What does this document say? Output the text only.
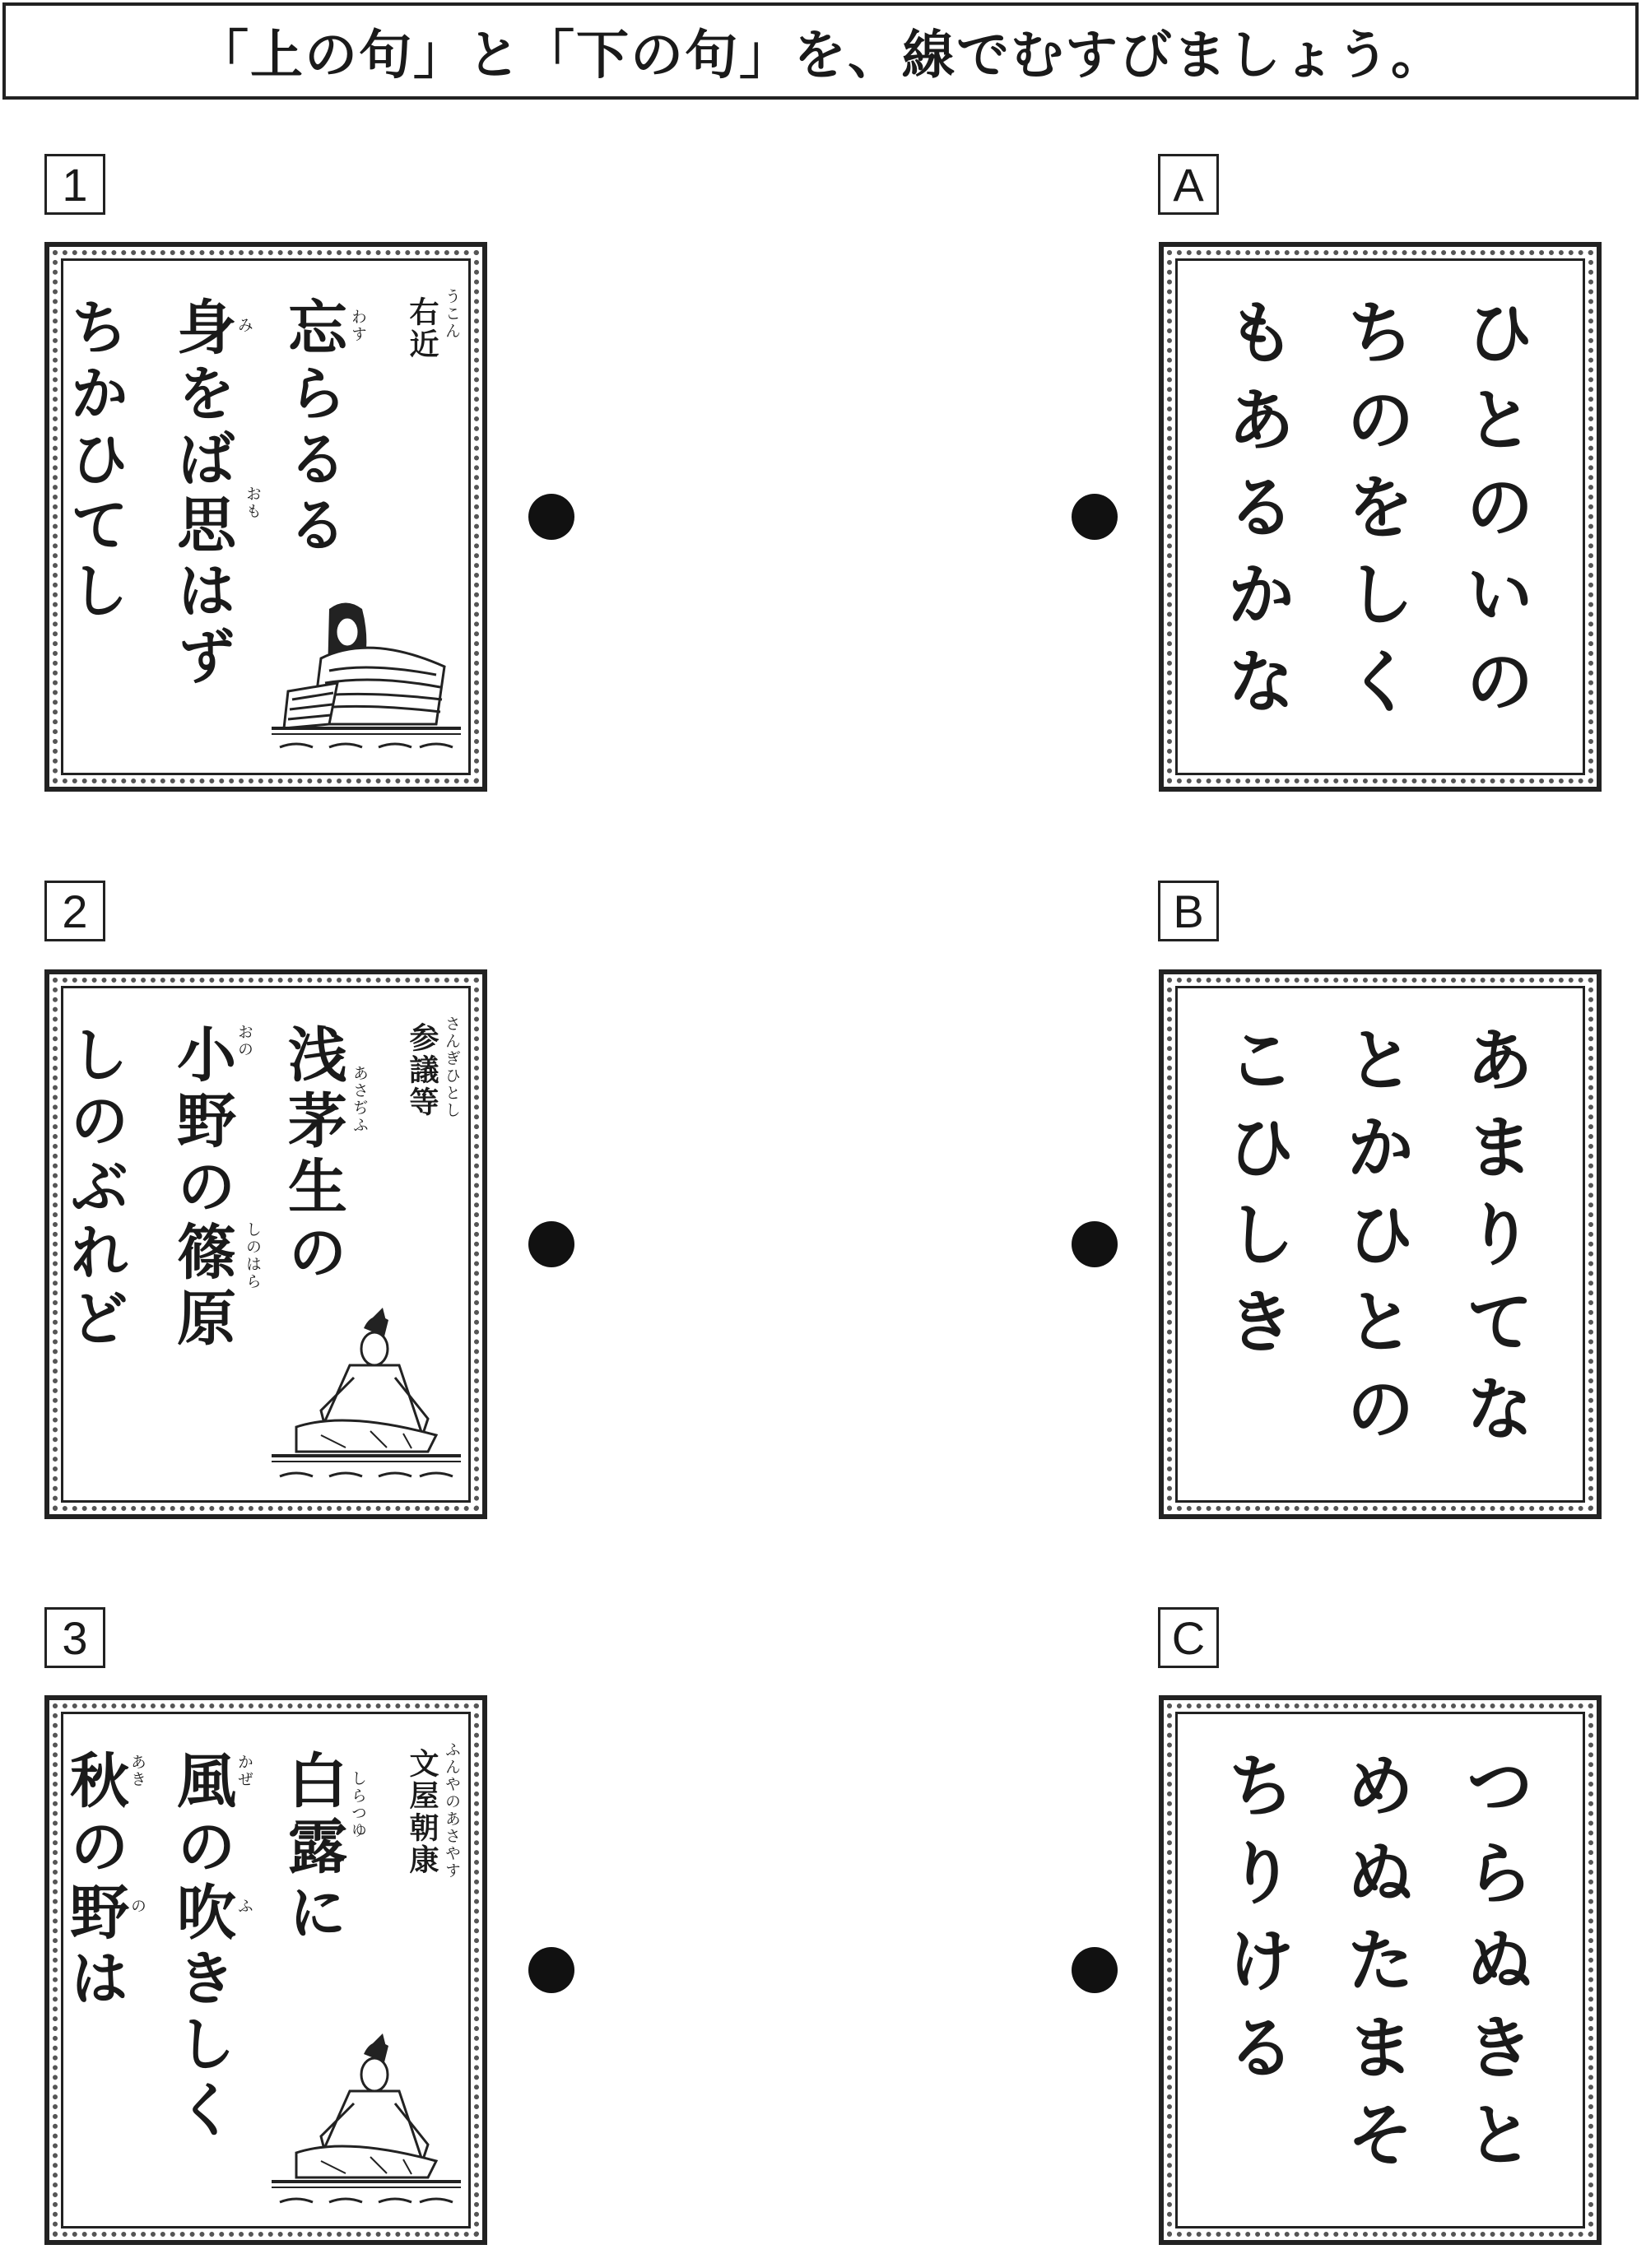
「上の句」と「下の句」を、線でむすびましょう。
1
右近 うこん
わす
忘らるる
み
おも
身をば思はず
ちかひてし
A
ひとのいの
ちのをしく
もあるかな
2
参議等 さんぎひとし
浅茅生の あさぢふ
おの
しのはら
小野の篠原
しのぶれど
B
あまりてな
とかひとの
こひしき
3
文屋朝康 ふんやのあさやす
白露に しらつゆ
かぜ
ふ
風の吹きしく
あき
の
秋の野は
C
つらぬきと
めぬたまそ
ちりける
